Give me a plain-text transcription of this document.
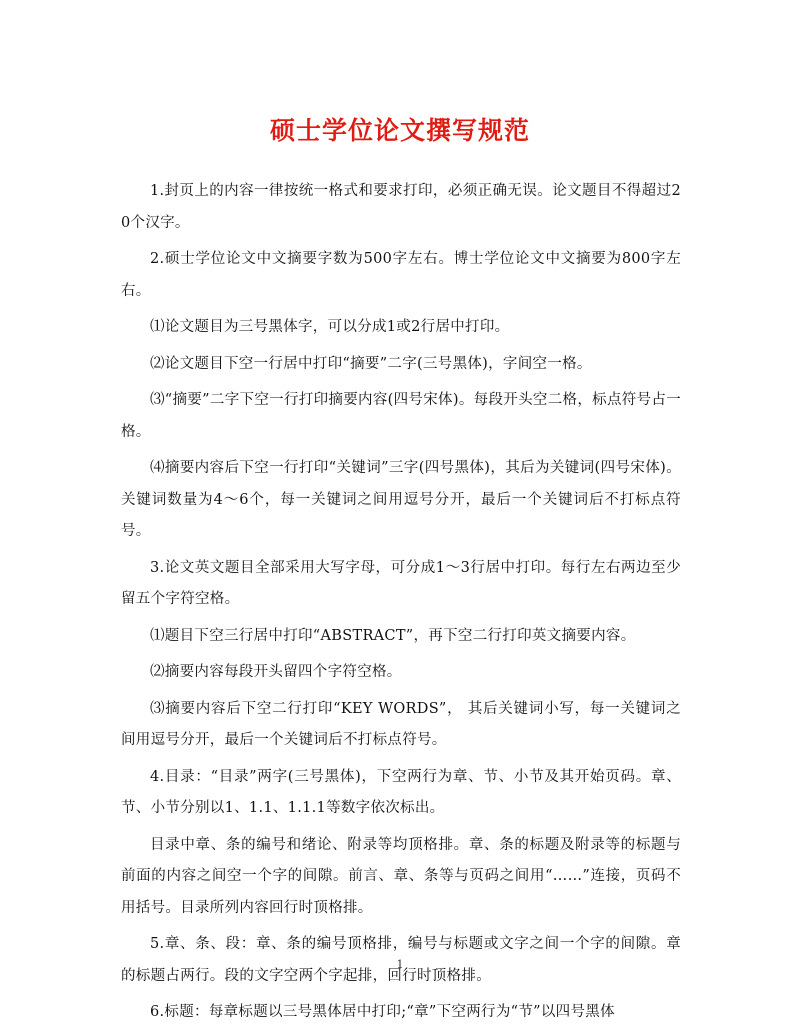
硕士学位论文撰写规范

1.封页上的内容一律按统一格式和要求打印，必须正确无误。论文题目不得超过20个汉字。

2.硕士学位论文中文摘要字数为500字左右。博士学位论文中文摘要为800字左右。

⑴论文题目为三号黑体字，可以分成1或2行居中打印。

⑵论文题目下空一行居中打印“摘要”二字(三号黑体)，字间空一格。

⑶“摘要”二字下空一行打印摘要内容(四号宋体)。每段开头空二格，标点符号占一格。

⑷摘要内容后下空一行打印“关键词”三字(四号黑体)，其后为关键词(四号宋体)。关键词数量为4～6个，每一关键词之间用逗号分开，最后一个关键词后不打标点符号。

3.论文英文题目全部采用大写字母，可分成1～3行居中打印。每行左右两边至少留五个字符空格。

⑴题目下空三行居中打印“ABSTRACT”，再下空二行打印英文摘要内容。

⑵摘要内容每段开头留四个字符空格。

⑶摘要内容后下空二行打印“KEY WORDS”， 其后关键词小写，每一关键词之间用逗号分开，最后一个关键词后不打标点符号。

4.目录：“目录”两字(三号黑体)，下空两行为章、节、小节及其开始页码。章、节、小节分别以1、1.1、1.1.1等数字依次标出。

目录中章、条的编号和绪论、附录等均顶格排。章、条的标题及附录等的标题与前面的内容之间空一个字的间隙。前言、章、条等与页码之间用“……”连接，页码不用括号。目录所列内容回行时顶格排。

5.章、条、段：章、条的编号顶格排，编号与标题或文字之间一个字的间隙。章的标题占两行。段的文字空两个字起排，回行时顶格排。

6.标题：每章标题以三号黑体居中打印;“章”下空两行为“节”以四号黑体

1
